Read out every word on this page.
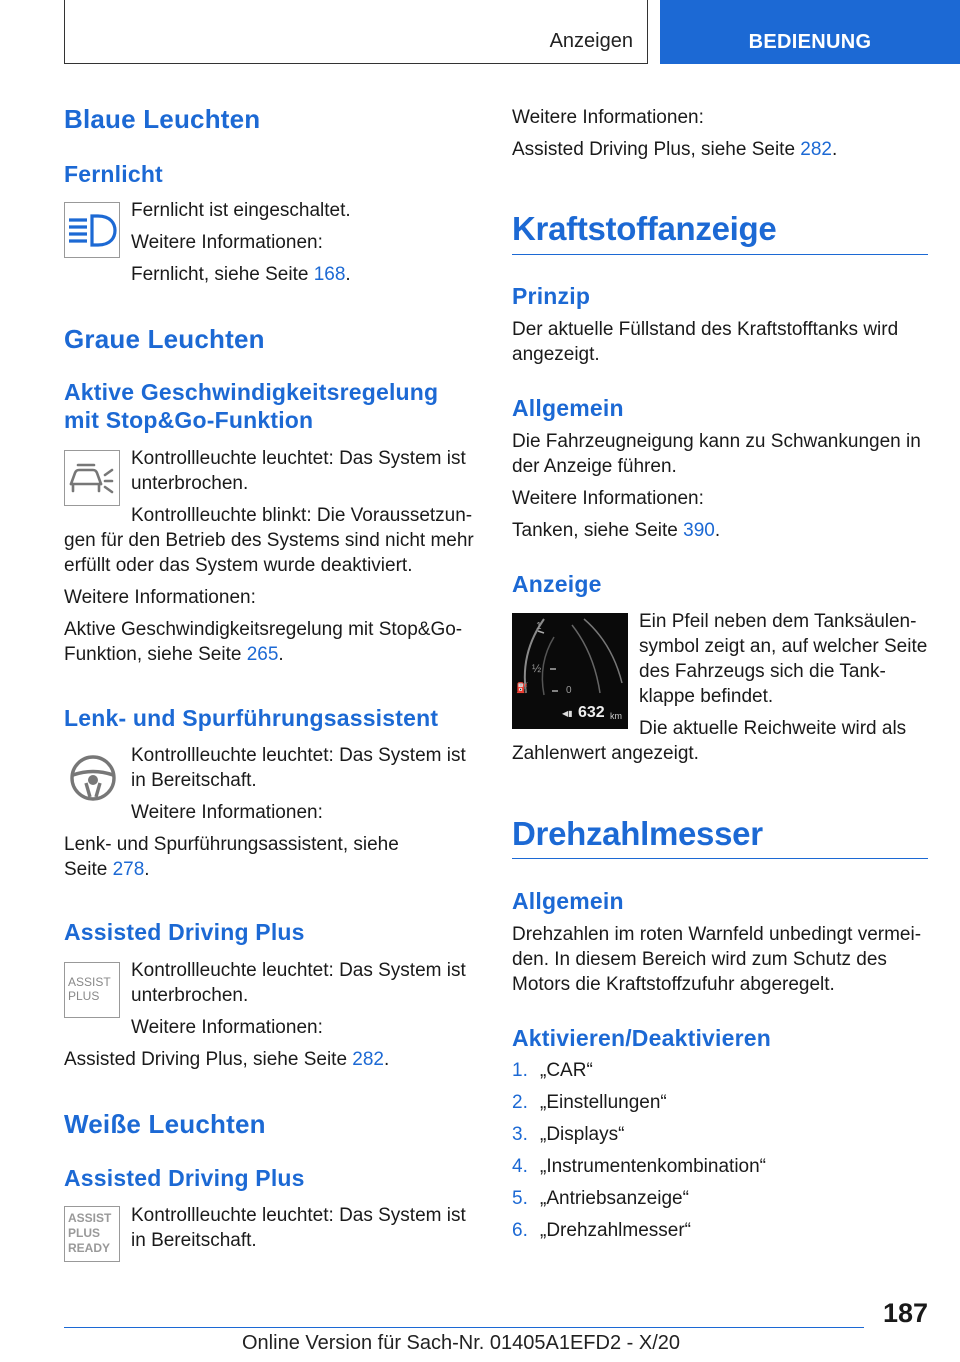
Anzeigen	BEDIENUNG
Blaue Leuchten
Fernlicht
Fernlicht ist eingeschaltet.
Weitere Informationen:
Fernlicht, siehe Seite 168.
Graue Leuchten
Aktive Geschwindigkeitsregelung
mit Stop&Go-Funktion
Kontrollleuchte leuchtet: Das System ist
unterbrochen.
Kontrollleuchte blinkt: Die Voraussetzun-
gen für den Betrieb des Systems sind nicht mehr
erfüllt oder das System wurde deaktiviert.
Weitere Informationen:
Aktive Geschwindigkeitsregelung mit Stop&Go-
Funktion, siehe Seite 265.
Lenk- und Spurführungsassistent
Kontrollleuchte leuchtet: Das System ist
in Bereitschaft.
Weitere Informationen:
Lenk- und Spurführungsassistent, siehe
Seite 278.
Assisted Driving Plus
ASSIST
PLUS
Kontrollleuchte leuchtet: Das System ist
unterbrochen.
Weitere Informationen:
Assisted Driving Plus, siehe Seite 282.
Weiße Leuchten
Assisted Driving Plus
ASSIST
PLUS
READY
Kontrollleuchte leuchtet: Das System ist
in Bereitschaft.
Weitere Informationen:
Assisted Driving Plus, siehe Seite 282.
Kraftstoffanzeige
Prinzip
Der aktuelle Füllstand des Kraftstofftanks wird
angezeigt.
Allgemein
Die Fahrzeugneigung kann zu Schwankungen in
der Anzeige führen.
Weitere Informationen:
Tanken, siehe Seite 390.
Anzeige
1
½
0
⛽
◀▮ 632 km
Ein Pfeil neben dem Tanksäulen-
symbol zeigt an, auf welcher Seite
des Fahrzeugs sich die Tank-
klappe befindet.
Die aktuelle Reichweite wird als
Zahlenwert angezeigt.
Drehzahlmesser
Allgemein
Drehzahlen im roten Warnfeld unbedingt vermei-
den. In diesem Bereich wird zum Schutz des
Motors die Kraftstoffzufuhr abgeregelt.
Aktivieren/Deaktivieren
1. „CAR“
2. „Einstellungen“
3. „Displays“
4. „Instrumentenkombination“
5. „Antriebsanzeige“
6. „Drehzahlmesser“
187
Online Version für Sach-Nr. 01405A1EFD2 - X/20
